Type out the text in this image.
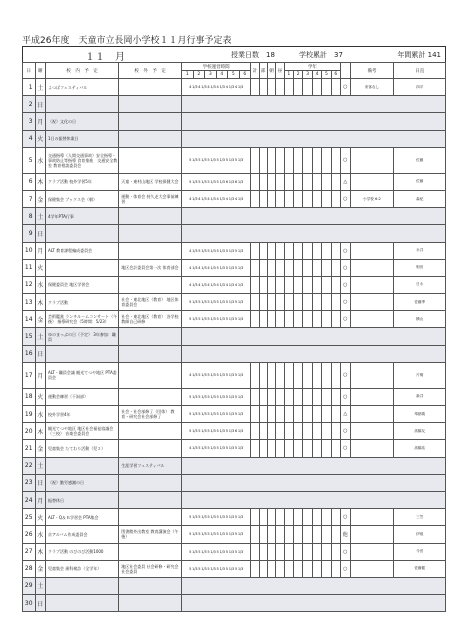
平成26年度　天童市立長岡小学校１１月行事予定表
１１　月	授業日数　18	学校累計　37	年間累計 141
日	曜	校　内　予　定	校　外　予　定	学校運営時間						計	部	朝	昼	学年							備考	日直
				1	2	3	4	5	6					1	2	3	4	5	6			
1	土	よつばフェスティバル		4 1/3 4 1/3 4 1/3 4 1/3 4 1/3 4 1/3																○	来客なし	四平
2	日																					
3	月	（祝）文化の日																				
4	火	1日の振替休業日																				
5	水	交通指導（人間交通事故）安全指導・事故防止等指導 食育推進　交通安全教室 教育相談委員会		5 1/3 5 1/3 5 1/3 5 1/3 5 1/3 5 1/3																○		佐藤
6	木	クラブ活動 校外学習5年	天童・東村山地区 学校保健大会	5 1/3 5 1/3 5 1/3 5 1/3 6 1/3 6 1/3																△		佐藤
7	金	保健集会 ブックス会（朝）	運動・体育会 持久走大会事前練習	4 1/3 4 1/3 4 1/3 4 1/3 4 1/3 4 1/3																○	小学校 6:2	森紀
8	土	4学年PTA行事																				
9	日																					
10	月	ALT 教育課程編成委員会		4 1/3 5 1/3 5 1/3 5 1/3 5 1/3 5 1/3																○		永井
11	火		地区会計委員会第一次 体育部会	4 1/3 4 1/3 4 1/3 5 1/3 5 1/3 5 1/3																○		相田
12	水	保健委員会 地区学習会		4 1/3 4 1/3 4 1/3 4 1/3 4 1/3 4 1/3																○		日永
13	木	クラブ活動	社会・東北地区（教育） 地区体育委員会	5 1/3 5 1/3 5 1/3 5 1/3 5 1/3 5 1/3																○		佐藤季
14	金	芸術鑑賞 ランチルームコンサート（午後） 指導研究会（5時間：5/23）	社会・東北地区（教育） 各学校教師自己研修	5 1/3 5 1/3 5 1/3 5 1/3 5 1/3 5 1/3																○		横山
15	土	ゆのまっぷの日（予定） 3年参加：職員																				
16	日																					
17	月	ALT・職員会議 観光てつや地区 PTA委員会		4 1/3 5 1/3 5 1/3 5 1/3 5 1/3 5 1/3																○		片桐
18	火	運動会練習（干潟部）		5 1/3 5 1/3 5 1/3 5 1/3 5 1/3 5 1/3																○		新井
19	水	校外学習4年	社会・社会部修了（団体） 教育・研究会社会部修了	5 1/3 5 1/3 5 1/3 5 1/3 5 1/3 5 1/3																△		奉納義
20	木	観光てつや地区 地区社会福祉協議会（三校） 音楽会委員会		5 1/3 5 1/3 5 1/3 5 1/3 5 1/3 6 1/3																○		高橋友
21	金	児童集会 たてわり活動（児２）		4 1/3 5 1/3 5 1/3 5 1/3 5 1/3 5 1/3																○		高橋祐
22	土		生涯学習フェスティバル																			
23	日	（祝）勤労感謝の日																				
24	月	振替休日																				
25	火	ALT・Q＆Ｂ学習会 PTA集会		5 1/3 5 1/3 5 1/3 5 1/3 5 1/3 5 1/3																○		三笠
26	水	京アルバム作成委員会	図書館外出教室 教育講演会（午後）	5 1/3 5 1/3 5 1/3 5 1/3 5 1/3 5 1/3																他		伊坂
27	木	クラブ活動 のびのび活動1000		5 1/3 5 1/3 5 1/3 5 1/3 5 1/3 5 1/3																○		今田
28	金	児童集会 歯科検診（全学年）	地区社会委員 社会研修・研究会社会委員	5 1/3 5 1/3 5 1/3 5 1/3 5 1/3 5 1/3																○		佐藤健
29	土																					
30	日																					
